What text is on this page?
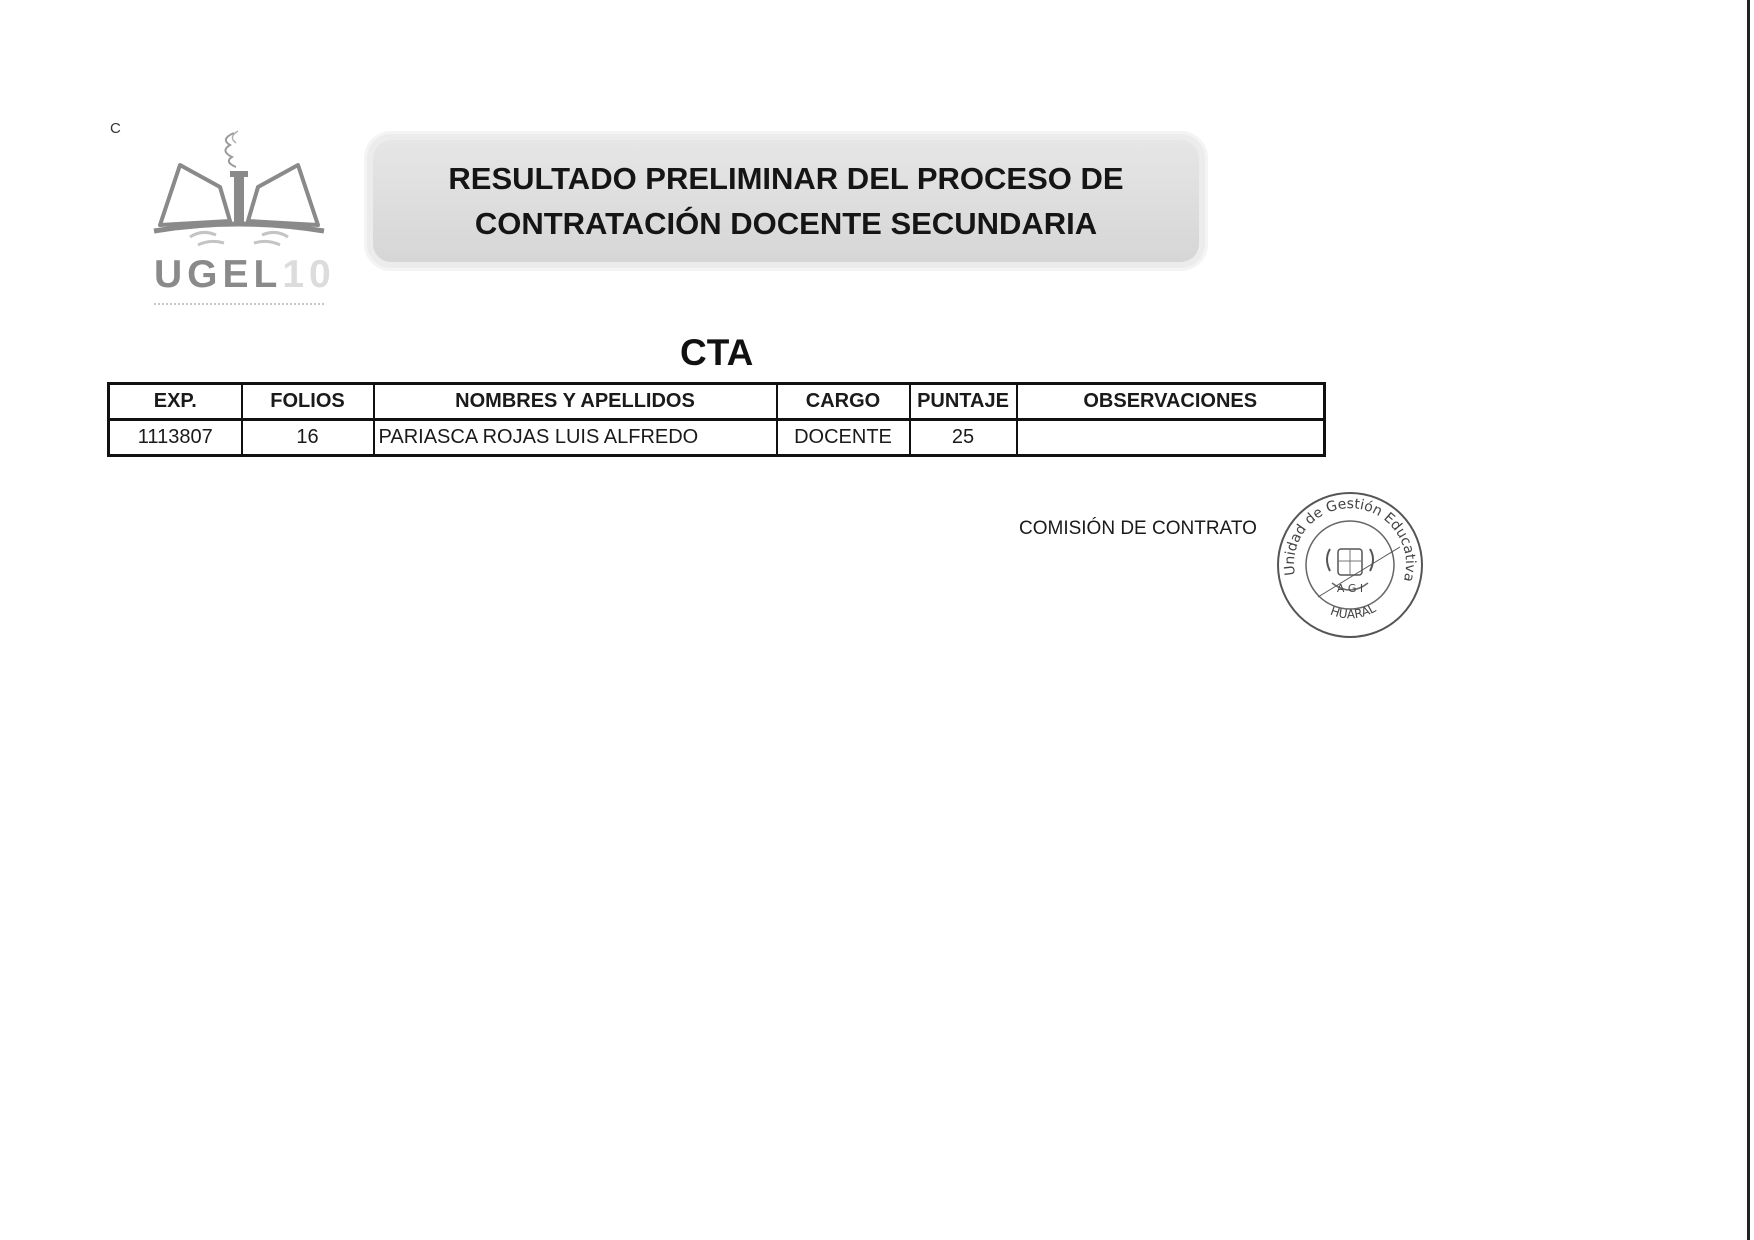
C
UGEL10
RESULTADO PRELIMINAR DEL PROCESO DE
CONTRATACIÓN DOCENTE SECUNDARIA
CTA
EXP.	FOLIOS	NOMBRES Y APELLIDOS	CARGO	PUNTAJE	OBSERVACIONES
1113807	16	PARIASCA ROJAS LUIS ALFREDO	DOCENTE	25	
COMISIÓN DE CONTRATO
Unidad de Gestión Educativa
HUARAL
A G I
